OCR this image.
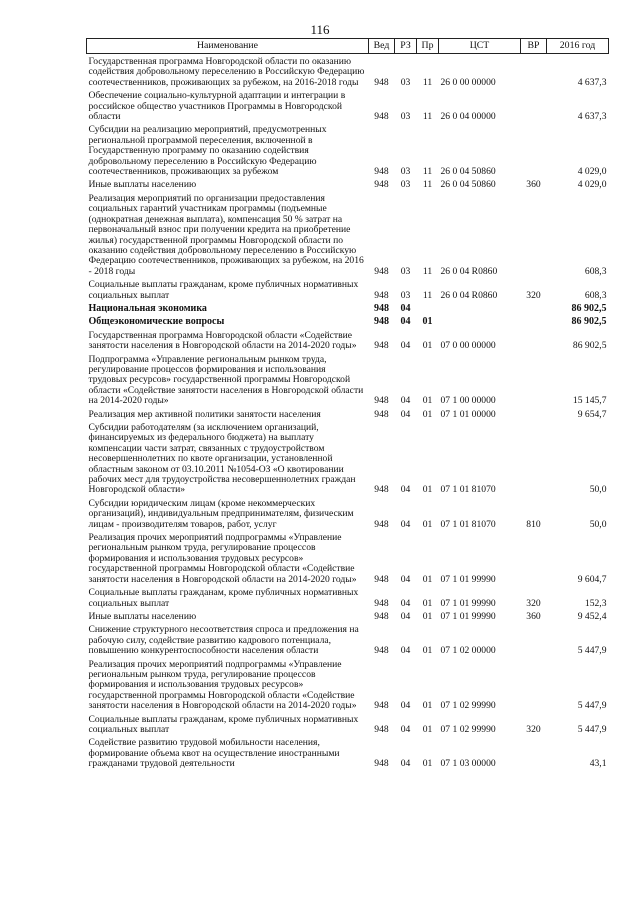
116
Наименование	Вед	РЗ	Пр	ЦСТ	ВР	2016 год
Государственная программа Новгородской области по оказанию содействия добровольному переселению в Российскую Федерацию соотечественников, проживающих за рубежом, на 2016-2018 годы	948	03	11	26 0 00 00000		4 637,3
Обеспечение социально-культурной адаптации и интеграции в российское общество участников Программы в Новгородской области	948	03	11	26 0 04 00000		4 637,3
Субсидии на реализацию мероприятий, предусмотренных региональной программой переселения, включенной в Государственную программу по оказанию содействия добровольному переселению в Российскую Федерацию соотечественников, проживающих за рубежом	948	03	11	26 0 04 50860		4 029,0
Иные выплаты населению	948	03	11	26 0 04 50860	360	4 029,0
Реализация мероприятий по организации предоставления социальных гарантий участникам программы (подъемные (однократная денежная выплата), компенсация 50 % затрат на первоначальный взнос при получении кредита на приобретение жилья) государственной программы Новгородской области по оказанию содействия добровольному переселению в Российскую Федерацию соотечественников, проживающих за рубежом, на 2016 - 2018 годы	948	03	11	26 0 04 R0860		608,3
Социальные выплаты гражданам, кроме публичных нормативных социальных выплат	948	03	11	26 0 04 R0860	320	608,3
Национальная экономика	948	04				86 902,5
Общеэкономические вопросы	948	04	01			86 902,5
Государственная программа Новгородской области «Содействие занятости населения в Новгородской области на 2014-2020 годы»	948	04	01	07 0 00 00000		86 902,5
Подпрограмма «Управление региональным рынком труда, регулирование процессов формирования и использования трудовых ресурсов» государственной программы Новгородской области «Содействие занятости населения в Новгородской области на 2014-2020 годы»	948	04	01	07 1 00 00000		15 145,7
Реализация мер активной политики занятости населения	948	04	01	07 1 01 00000		9 654,7
Субсидии работодателям (за исключением организаций, финансируемых из федерального бюджета) на выплату компенсации части затрат, связанных с трудоустройством несовершеннолетних по квоте организации, установленной областным законом от 03.10.2011 №1054-ОЗ «О квотировании рабочих мест для трудоустройства несовершеннолетних граждан Новгородской области»	948	04	01	07 1 01 81070		50,0
Субсидии юридическим лицам (кроме некоммерческих организаций), индивидуальным предпринимателям, физическим лицам - производителям товаров, работ, услуг	948	04	01	07 1 01 81070	810	50,0
Реализация прочих мероприятий подпрограммы «Управление региональным рынком труда, регулирование процессов формирования и использования трудовых ресурсов» государственной программы Новгородской области «Содействие занятости населения в Новгородской области на 2014-2020 годы»	948	04	01	07 1 01 99990		9 604,7
Социальные выплаты гражданам, кроме публичных нормативных социальных выплат	948	04	01	07 1 01 99990	320	152,3
Иные выплаты населению	948	04	01	07 1 01 99990	360	9 452,4
Снижение структурного несоответствия спроса и предложения на рабочую силу, содействие развитию кадрового потенциала, повышению конкурентоспособности населения области	948	04	01	07 1 02 00000		5 447,9
Реализация прочих мероприятий подпрограммы «Управление региональным рынком труда, регулирование процессов формирования и использования трудовых ресурсов» государственной программы Новгородской области «Содействие занятости населения в Новгородской области на 2014-2020 годы»	948	04	01	07 1 02 99990		5 447,9
Социальные выплаты гражданам, кроме публичных нормативных социальных выплат	948	04	01	07 1 02 99990	320	5 447,9
Содействие развитию трудовой мобильности населения, формирование объема квот на осуществление иностранными гражданами трудовой деятельности	948	04	01	07 1 03 00000		43,1
